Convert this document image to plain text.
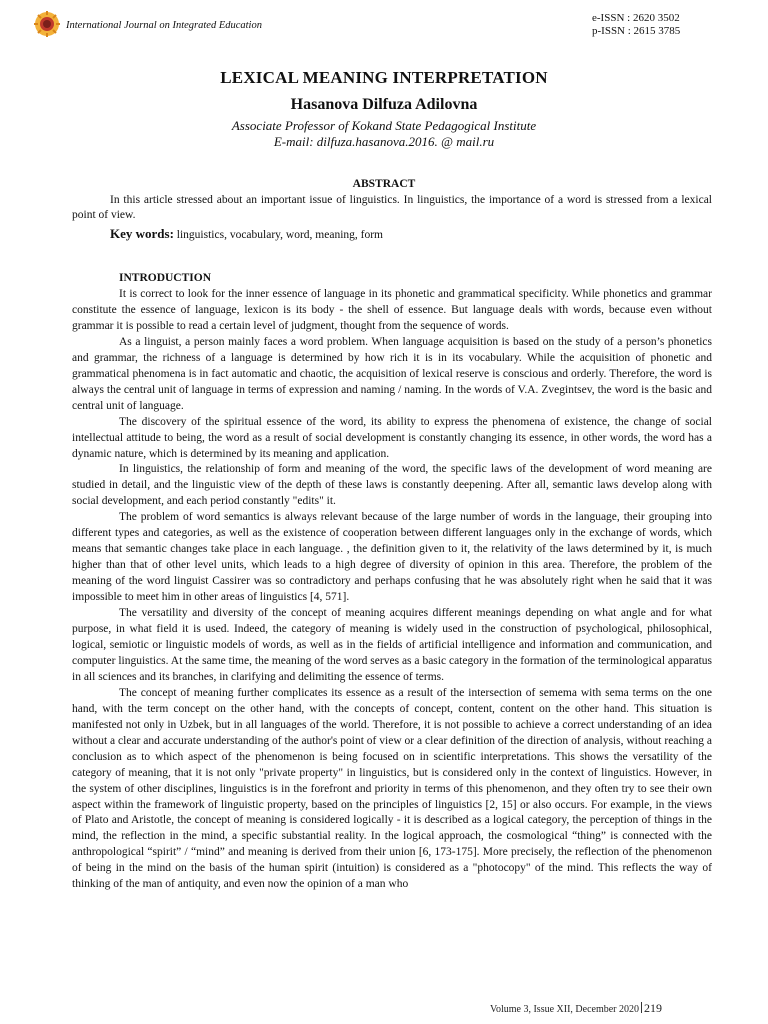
International Journal on Integrated Education
e-ISSN : 2620 3502
p-ISSN : 2615 3785
LEXICAL MEANING INTERPRETATION
Hasanova Dilfuza Adilovna
Associate Professor of Kokand State Pedagogical Institute
E-mail: dilfuza.hasanova.2016. @ mail.ru
ABSTRACT
In this article stressed about an important issue of linguistics. In linguistics, the importance of a word is stressed from a lexical point of view.
Key words: linguistics, vocabulary, word, meaning, form
INTRODUCTION

It is correct to look for the inner essence of language in its phonetic and grammatical specificity. While phonetics and grammar constitute the essence of language, lexicon is its body - the shell of essence. But language deals with words, because even without grammar it is possible to read a certain level of judgment, thought from the sequence of words.

As a linguist, a person mainly faces a word problem. When language acquisition is based on the study of a person’s phonetics and grammar, the richness of a language is determined by how rich it is in its vocabulary. While the acquisition of phonetic and grammatical phenomena is in fact automatic and chaotic, the acquisition of lexical reserve is conscious and orderly. Therefore, the word is always the central unit of language in terms of expression and naming / naming. In the words of V.A. Zvegintsev, the word is the basic and central unit of language.

The discovery of the spiritual essence of the word, its ability to express the phenomena of existence, the change of social intellectual attitude to being, the word as a result of social development is constantly changing its essence, in other words, the word has a dynamic nature, which is determined by its meaning and application.

In linguistics, the relationship of form and meaning of the word, the specific laws of the development of word meaning are studied in detail, and the linguistic view of the depth of these laws is constantly deepening. After all, semantic laws develop along with social development, and each period constantly "edits" it.

The problem of word semantics is always relevant because of the large number of words in the language, their grouping into different types and categories, as well as the existence of cooperation between different languages only in the exchange of words, which means that semantic changes take place in each language. , the definition given to it, the relativity of the laws determined by it, is much higher than that of other level units, which leads to a high degree of diversity of opinion in this area. Therefore, the problem of the meaning of the word linguist Cassirer was so contradictory and perhaps confusing that he was absolutely right when he said that it was impossible to meet him in other areas of linguistics [4, 571].

The versatility and diversity of the concept of meaning acquires different meanings depending on what angle and for what purpose, in what field it is used. Indeed, the category of meaning is widely used in the construction of psychological, philosophical, logical, semiotic or linguistic models of words, as well as in the fields of artificial intelligence and information and communication, and computer linguistics. At the same time, the meaning of the word serves as a basic category in the formation of the terminological apparatus in all sciences and its branches, in clarifying and delimiting the essence of terms.

The concept of meaning further complicates its essence as a result of the intersection of semema with sema terms on the one hand, with the term concept on the other hand, with the concepts of concept, content, content on the other hand. This situation is manifested not only in Uzbek, but in all languages of the world. Therefore, it is not possible to achieve a correct understanding of an idea without a clear and accurate understanding of the author's point of view or a clear definition of the direction of analysis, without reaching a conclusion as to which aspect of the phenomenon is being focused on in scientific interpretations. This shows the versatility of the category of meaning, that it is not only "private property" in linguistics, but is considered only in the context of linguistics. However, in the system of other disciplines, linguistics is in the forefront and priority in terms of this phenomenon, and they often try to see their own aspect within the framework of linguistic property, based on the principles of linguistics [2, 15] or also occurs. For example, in the views of Plato and Aristotle, the concept of meaning is considered logically - it is described as a logical category, the perception of things in the mind, the reflection in the mind, a specific substantial reality. In the logical approach, the cosmological “thing” is connected with the anthropological “spirit” / “mind” and meaning is derived from their union [6, 173-175]. More precisely, the reflection of the phenomenon of being in the mind on the basis of the human spirit (intuition) is considered as a "photocopy" of the mind. This reflects the way of thinking of the man of antiquity, and even now the opinion of a man who

Volume 3, Issue XII, December 2020 219
